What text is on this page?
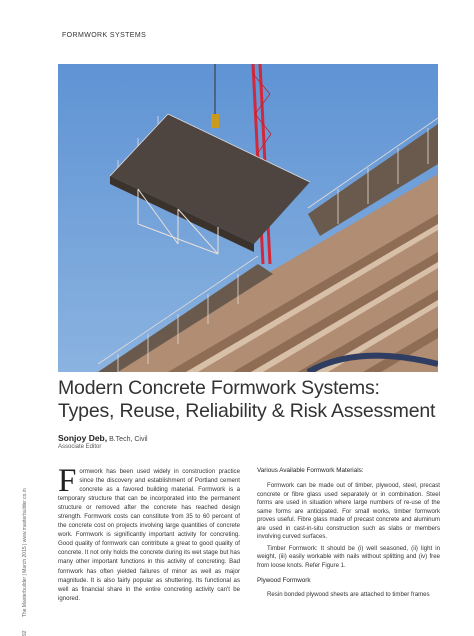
FORMWORK SYSTEMS
Modern Concrete Formwork Systems:
Types, Reuse, Reliability & Risk Assessment
Sonjoy Deb, B.Tech, Civil
Associate Editor
92 The Masterbuilder | March 2015 | www.masterbuilder.co.in
F ormwork has been used widely in construction practice since the discovery and establishment of Portland cement concrete as a favored building material. Formwork is a temporary structure that can be incorporated into the permanent structure or removed after the concrete has reached design strength. Formwork costs can constitute from 35 to 60 percent of the concrete cost on projects involving large quantities of concrete work. Formwork is significantly important activity for concreting. Good quality of formwork can contribute a great to good quality of concrete. It not only holds the concrete during its wet stage but has many other important functions in this activity of concreting. Bad formwork has often yielded failures of minor as well as major magnitude. It is also fairly popular as shuttering. Its functional as well as financial share in the entire concreting activity can't be ignored.
Various Available Formwork Materials:

Formwork can be made out of timber, plywood, steel, precast concrete or fibre glass used separately or in combination. Steel forms are used in situation where large numbers of re-use of the same forms are anticipated. For small works, timber formwork proves useful. Fibre glass made of precast concrete and aluminum are used in cast-in-situ construction such as slabs or members involving curved surfaces.

Timber Formwork: It should be (i) well seasoned, (ii) light in weight, (iii) easily workable with nails without splitting and (iv) free from loose knots. Refer Figure 1.

Plywood Formwork

Resin bonded plywood sheets are attached to timber frames
